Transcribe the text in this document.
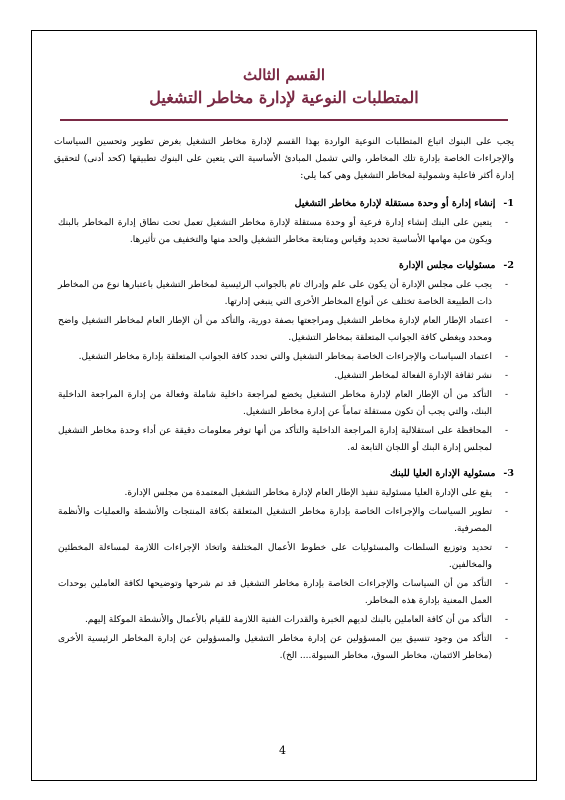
القسم الثالث

المتطلبات النوعية لإدارة مخاطر التشغيل

يجب على البنوك اتباع المتطلبات النوعية الواردة بهذا القسم لإدارة مخاطر التشغيل بغرض تطوير وتحسين السياسات والإجراءات الخاصة بإدارة تلك المخاطر، والتي تشمل المبادئ الأساسية التي يتعين على البنوك تطبيقها (كحد أدنى) لتحقيق إدارة أكثر فاعلية وشمولية لمخاطر التشغيل وهي كما يلي:

1-إنشاء إدارة أو وحدة مستقلة لإدارة مخاطر التشغيل

-
يتعين على البنك إنشاء إدارة فرعية أو وحدة مستقلة لإدارة مخاطر التشغيل تعمل تحت نطاق إدارة المخاطر بالبنك ويكون من مهامها الأساسية تحديد وقياس ومتابعة مخاطر التشغيل والحد منها والتخفيف من تأثيرها.

2-مسئوليات مجلس الإدارة

-
يجب على مجلس الإدارة أن يكون على علم وإدراك تام بالجوانب الرئيسية لمخاطر التشغيل باعتبارها نوع من المخاطر ذات الطبيعة الخاصة تختلف عن أنواع المخاطر الأخرى التي ينبغي إدارتها.
-
اعتماد الإطار العام لإدارة مخاطر التشغيل ومراجعتها بصفة دورية، والتأكد من أن الإطار العام لمخاطر التشغيل واضح ومحدد ويغطي كافة الجوانب المتعلقة بمخاطر التشغيل.
-
اعتماد السياسات والإجراءات الخاصة بمخاطر التشغيل والتي تحدد كافة الجوانب المتعلقة بإدارة مخاطر التشغيل.
-
نشر ثقافة الإدارة الفعالة لمخاطر التشغيل.
-
التأكد من أن الإطار العام لإدارة مخاطر التشغيل يخضع لمراجعة داخلية شاملة وفعالة من إدارة المراجعة الداخلية البنك، والتي يجب أن تكون مستقلة تماماً عن إدارة مخاطر التشغيل.
-
المحافظة على استقلالية إدارة المراجعة الداخلية والتأكد من أنها توفر معلومات دقيقة عن أداء وحدة مخاطر التشغيل لمجلس إدارة البنك أو اللجان التابعة له.

3-مسئولية الإدارة العليا للبنك

-
يقع على الإدارة العليا مسئولية تنفيذ الإطار العام لإدارة مخاطر التشغيل المعتمدة من مجلس الإدارة.
-
تطوير السياسات والإجراءات الخاصة بإدارة مخاطر التشغيل المتعلقة بكافة المنتجات والأنشطة والعمليات والأنظمة المصرفية.
-
تحديد وتوزيع السلطات والمسئوليات على خطوط الأعمال المختلفة واتخاذ الإجراءات اللازمة لمساءلة المخطئين والمخالفين.
-
التأكد من أن السياسات والإجراءات الخاصة بإدارة مخاطر التشغيل قد تم شرحها وتوضيحها لكافة العاملين بوحدات العمل المعنية بإدارة هذه المخاطر.
-
التأكد من أن كافة العاملين بالبنك لديهم الخبرة والقدرات الفنية اللازمة للقيام بالأعمال والأنشطة الموكلة إليهم.
-
التأكد من وجود تنسيق بين المسؤولين عن إدارة مخاطر التشغيل والمسؤولين عن إدارة المخاطر الرئيسية الأخرى (مخاطر الائتمان، مخاطر السوق، مخاطر السيولة.... الخ).
4
